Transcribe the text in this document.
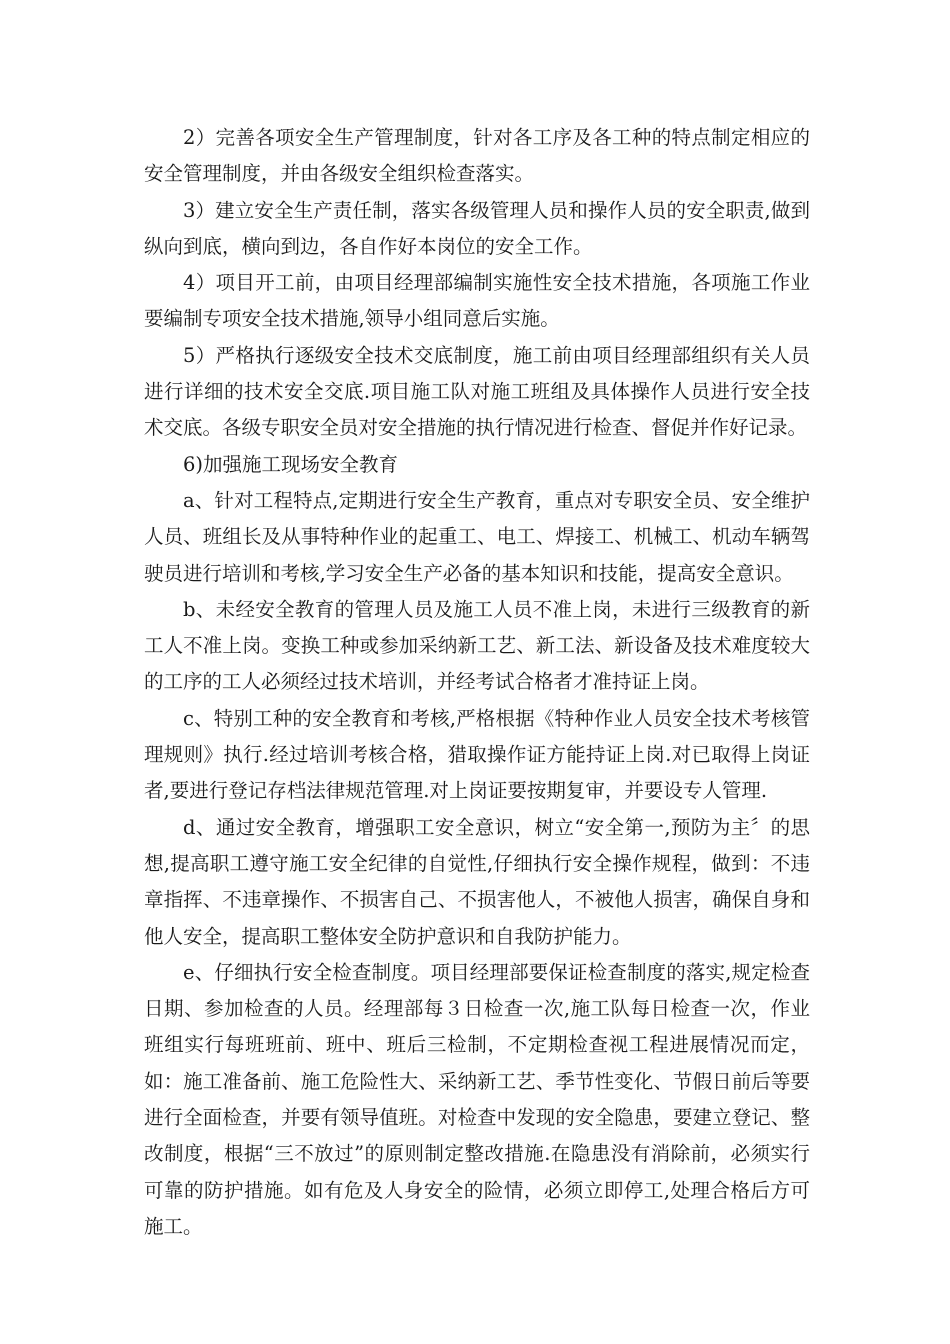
2）完善各项安全生产管理制度，针对各工序及各工种的特点制定相应的安全管理制度，并由各级安全组织检查落实。

3）建立安全生产责任制，落实各级管理人员和操作人员的安全职责,做到纵向到底，横向到边，各自作好本岗位的安全工作。

4）项目开工前，由项目经理部编制实施性安全技术措施，各项施工作业要编制专项安全技术措施,领导小组同意后实施。

5）严格执行逐级安全技术交底制度，施工前由项目经理部组织有关人员进行详细的技术安全交底.项目施工队对施工班组及具体操作人员进行安全技术交底。各级专职安全员对安全措施的执行情况进行检查、督促并作好记录。

6)加强施工现场安全教育

a、针对工程特点,定期进行安全生产教育，重点对专职安全员、安全维护人员、班组长及从事特种作业的起重工、电工、焊接工、机械工、机动车辆驾驶员进行培训和考核,学习安全生产必备的基本知识和技能，提高安全意识。

b、未经安全教育的管理人员及施工人员不准上岗，未进行三级教育的新工人不准上岗。变换工种或参加采纳新工艺、新工法、新设备及技术难度较大的工序的工人必须经过技术培训，并经考试合格者才准持证上岗。

c、特别工种的安全教育和考核,严格根据《特种作业人员安全技术考核管理规则》执行.经过培训考核合格，猎取操作证方能持证上岗.对已取得上岗证者,要进行登记存档法律规范管理.对上岗证要按期复审，并要设专人管理.

d、通过安全教育，增强职工安全意识，树立“安全第一,预防为主〞的思想,提高职工遵守施工安全纪律的自觉性,仔细执行安全操作规程，做到：不违章指挥、不违章操作、不损害自己、不损害他人，不被他人损害，确保自身和他人安全，提高职工整体安全防护意识和自我防护能力。

e、仔细执行安全检查制度。项目经理部要保证检查制度的落实,规定检查日期、参加检查的人员。经理部每３日检查一次,施工队每日检查一次，作业班组实行每班班前、班中、班后三检制，不定期检查视工程进展情况而定，如：施工准备前、施工危险性大、采纳新工艺、季节性变化、节假日前后等要进行全面检查，并要有领导值班。对检查中发现的安全隐患，要建立登记、整改制度，根据“三不放过”的原则制定整改措施.在隐患没有消除前，必须实行可靠的防护措施。如有危及人身安全的险情，必须立即停工,处理合格后方可施工。
